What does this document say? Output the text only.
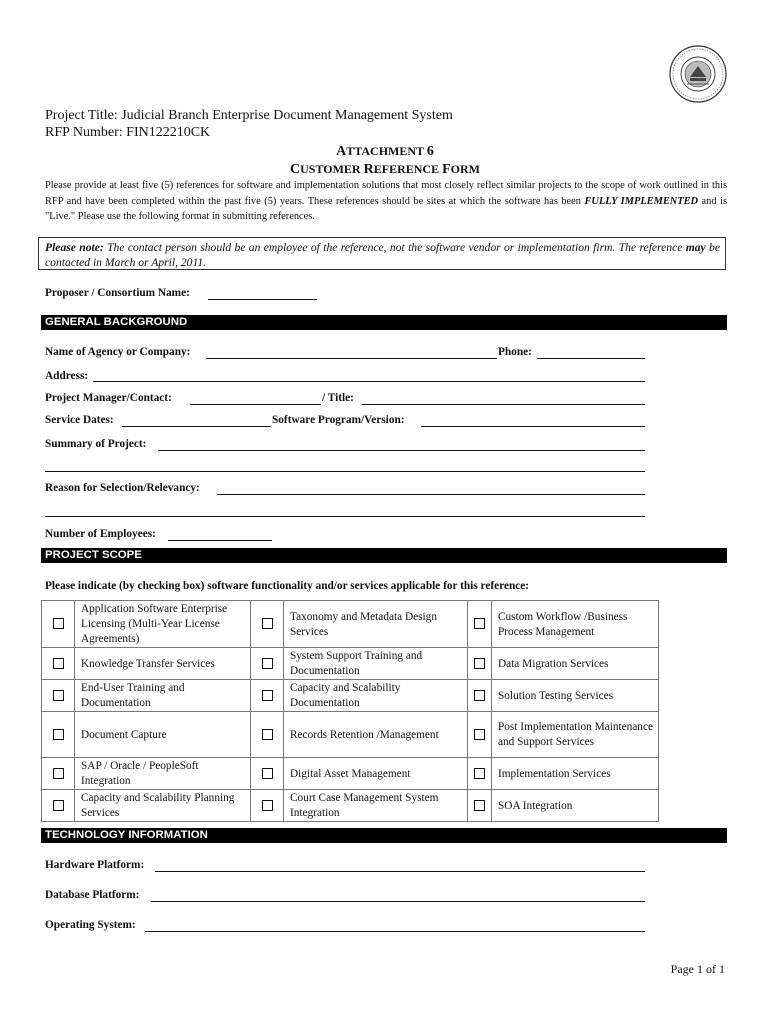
Project Title: Judicial Branch Enterprise Document Management System
RFP Number: FIN122210CK
ATTACHMENT 6
CUSTOMER REFERENCE FORM
Please provide at least five (5) references for software and implementation solutions that most closely reflect similar projects to the scope of work outlined in this RFP and have been completed within the past five (5) years. These references should be sites at which the software has been FULLY IMPLEMENTED and is "Live." Please use the following format in submitting references.
Please note: The contact person should be an employee of the reference, not the software vendor or implementation firm. The reference may be contacted in March or April, 2011.
Proposer / Consortium Name:
GENERAL BACKGROUND
Name of Agency or Company:	Phone:
Address:
Project Manager/Contact:	/ Title:
Service Dates:	Software Program/Version:
Summary of Project:
Reason for Selection/Relevancy:
Number of Employees:
PROJECT SCOPE
Please indicate (by checking box) software functionality and/or services applicable for this reference:
	Application Software Enterprise Licensing (Multi-Year License Agreements)		Taxonomy and Metadata Design Services		Custom Workflow /Business Process Management
	Knowledge Transfer Services		System Support Training and Documentation		Data Migration Services
	End-User Training and Documentation		Capacity and Scalability Documentation		Solution Testing Services
	Document Capture		Records Retention /Management		Post Implementation Maintenance and Support Services
	SAP / Oracle / PeopleSoft Integration		Digital Asset Management		Implementation Services
	Capacity and Scalability Planning Services		Court Case Management System Integration		SOA Integration
TECHNOLOGY INFORMATION
Hardware Platform:
Database Platform:
Operating System:
Page 1 of 1
